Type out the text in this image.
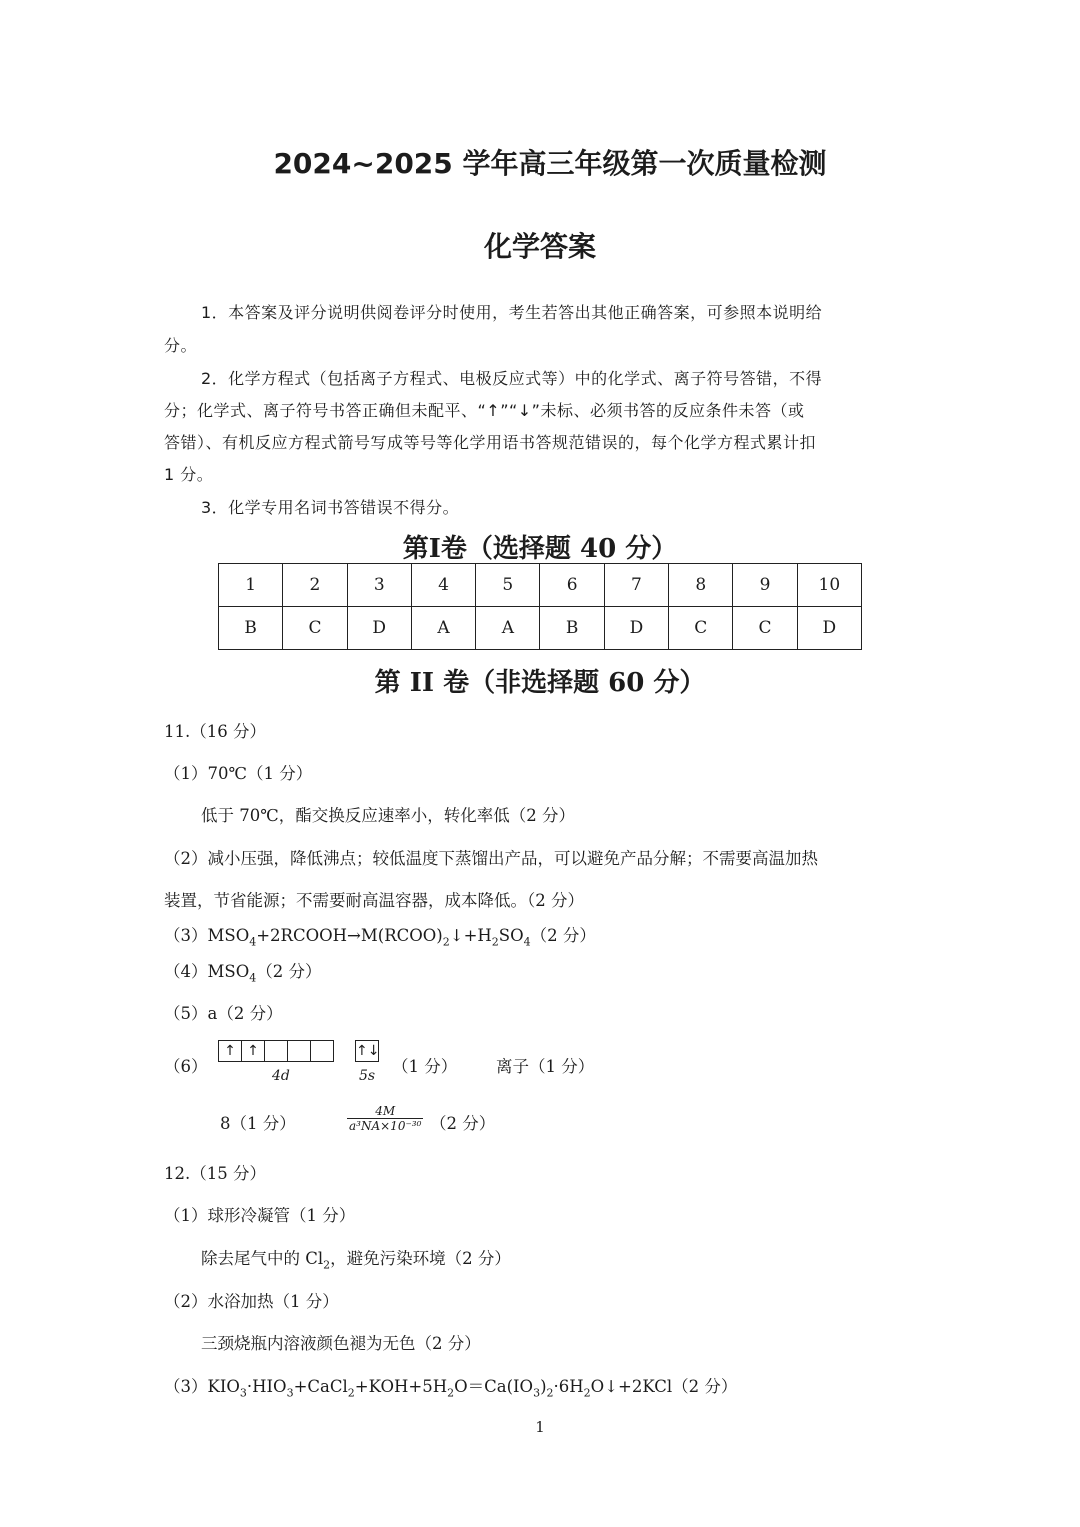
2024~2025 学年高三年级第一次质量检测
化学答案
1．本答案及评分说明供阅卷评分时使用，考生若答出其他正确答案，可参照本说明给
分。
2．化学方程式（包括离子方程式、电极反应式等）中的化学式、离子符号答错，不得
分；化学式、离子符号书答正确但未配平、“↑”“↓”未标、必须书答的反应条件未答（或
答错）、有机反应方程式箭号写成等号等化学用语书答规范错误的，每个化学方程式累计扣
1 分。
3．化学专用名词书答错误不得分。
第Ⅰ卷（选择题 40 分）
1	2	3	4	5	6	7	8	9	10
B	C	D	A	A	B	D	C	C	D
第 II 卷（非选择题 60 分）
11.（16 分）
（1）70℃（1 分）
低于 70℃，酯交换反应速率小，转化率低（2 分）
（2）减小压强，降低沸点；较低温度下蒸馏出产品，可以避免产品分解；不需要高温加热
装置，节省能源；不需要耐高温容器，成本降低。（2 分）
$(3)MSO_4+2RCOOH\to M(RCOO)_2↓+H_2SO_4(2$ 分）
$(4)MSO_4(2$ 分）
（5）a（2 分）
（6）
↑ ↑
4d
↑↓
5s （1 分） 离子（1 分）
8（1 分）	$\frac{4M}{\text{a³NA×10⁻³⁰}} (2$ 分）
12.（15 分）
（1）球形冷凝管（1 分）
除去尾气中的 $Cl_2$，避免污染环境（2 分）
（2）水浴加热（1 分）
三颈烧瓶内溶液颜色褪为无色（2 分）
$(3)KIO_3\cdot HIO_3+CaCl_2+KOH+5H_2O=Ca(IO_3)_2\cdot 6H_2O↓+2KCl(2$ 分）
1
